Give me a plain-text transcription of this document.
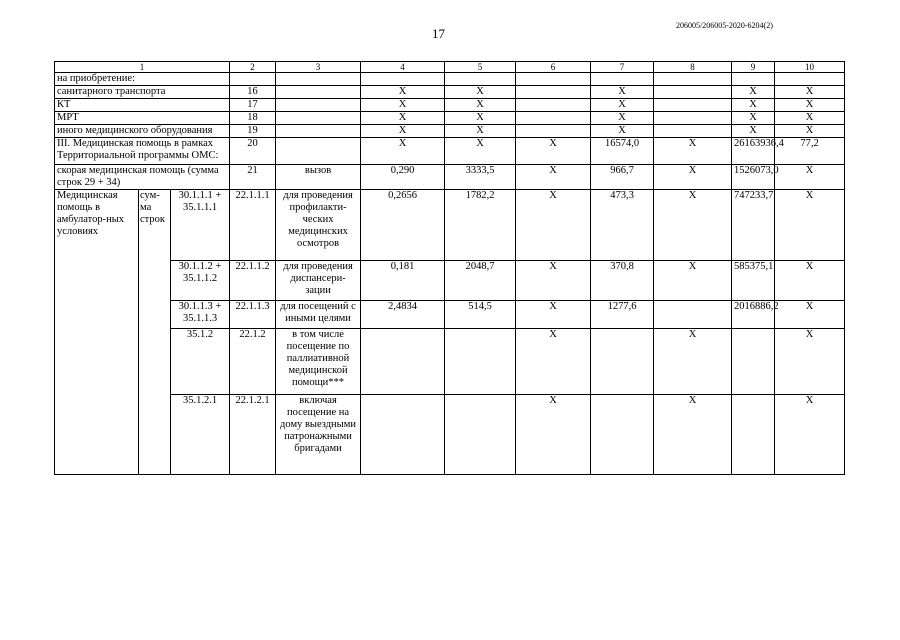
17
206005/206005-2020-6204(2)
1			2	3	4	5	6	7	8	9	10
на приобретение:											
санитарного транспорта			16		X	X		X		X	X
КТ			17		X	X		X		X	X
МРТ			18		X	X		X		X	X
иного медицинского оборудования			19		X	X		X		X	X
III. Медицинская помощь в рамках Территориальной программы ОМС:			20		X	X	X	16574,0	X	26163936,4	77,2
скорая медицинская помощь (сумма строк 29 + 34)			21	вызов	0,290	3333,5	X	966,7	X	1526073,0	X
Медицинская помощь в амбулатор-ных условиях	сум-ма строк	30.1.1.1 + 35.1.1.1	22.1.1.1	для проведения профилакти-ческих медицинских осмотров	0,2656	1782,2	X	473,3	X	747233,7	X
		30.1.1.2 + 35.1.1.2	22.1.1.2	для проведения диспансери-зации	0,181	2048,7	X	370,8	X	585375,1	X
		30.1.1.3 + 35.1.1.3	22.1.1.3	для посещений с иными целями	2,4834	514,5	X	1277,6		2016886,2	X
		35.1.2	22.1.2	в том числе посещение по паллиативной медицинской помощи***			X		X		X
		35.1.2.1	22.1.2.1	включая посещение на дому выездными патронажными бригадами			X		X		X
